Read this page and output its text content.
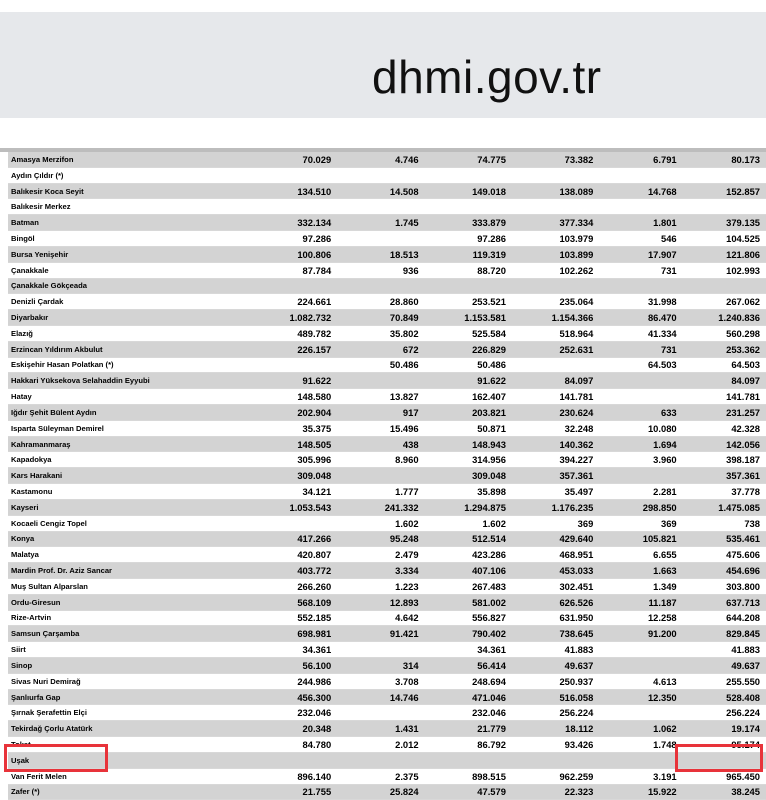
dhmi.gov.tr
Amasya Merzifon	70.029	4.746	74.775	73.382	6.791	80.173
Aydın Çıldır (*)						
Balıkesir Koca Seyit	134.510	14.508	149.018	138.089	14.768	152.857
Balıkesir Merkez						
Batman	332.134	1.745	333.879	377.334	1.801	379.135
Bingöl	97.286		97.286	103.979	546	104.525
Bursa Yenişehir	100.806	18.513	119.319	103.899	17.907	121.806
Çanakkale	87.784	936	88.720	102.262	731	102.993
Çanakkale Gökçeada						
Denizli Çardak	224.661	28.860	253.521	235.064	31.998	267.062
Diyarbakır	1.082.732	70.849	1.153.581	1.154.366	86.470	1.240.836
Elazığ	489.782	35.802	525.584	518.964	41.334	560.298
Erzincan Yıldırım Akbulut	226.157	672	226.829	252.631	731	253.362
Eskişehir Hasan Polatkan (*)		50.486	50.486		64.503	64.503
Hakkari Yüksekova Selahaddin Eyyubi	91.622		91.622	84.097		84.097
Hatay	148.580	13.827	162.407	141.781		141.781
Iğdır Şehit Bülent Aydın	202.904	917	203.821	230.624	633	231.257
Isparta Süleyman Demirel	35.375	15.496	50.871	32.248	10.080	42.328
Kahramanmaraş	148.505	438	148.943	140.362	1.694	142.056
Kapadokya	305.996	8.960	314.956	394.227	3.960	398.187
Kars Harakani	309.048		309.048	357.361		357.361
Kastamonu	34.121	1.777	35.898	35.497	2.281	37.778
Kayseri	1.053.543	241.332	1.294.875	1.176.235	298.850	1.475.085
Kocaeli Cengiz Topel		1.602	1.602	369	369	738
Konya	417.266	95.248	512.514	429.640	105.821	535.461
Malatya	420.807	2.479	423.286	468.951	6.655	475.606
Mardin Prof. Dr. Aziz Sancar	403.772	3.334	407.106	453.033	1.663	454.696
Muş Sultan Alparslan	266.260	1.223	267.483	302.451	1.349	303.800
Ordu-Giresun	568.109	12.893	581.002	626.526	11.187	637.713
Rize-Artvin	552.185	4.642	556.827	631.950	12.258	644.208
Samsun Çarşamba	698.981	91.421	790.402	738.645	91.200	829.845
Siirt	34.361		34.361	41.883		41.883
Sinop	56.100	314	56.414	49.637		49.637
Sivas Nuri Demirağ	244.986	3.708	248.694	250.937	4.613	255.550
Şanlıurfa Gap	456.300	14.746	471.046	516.058	12.350	528.408
Şırnak Şerafettin Elçi	232.046		232.046	256.224		256.224
Tekirdağ Çorlu Atatürk	20.348	1.431	21.779	18.112	1.062	19.174
Tokat	84.780	2.012	86.792	93.426	1.748	95.174
Uşak						
Van Ferit Melen	896.140	2.375	898.515	962.259	3.191	965.450
Zafer (*)	21.755	25.824	47.579	22.323	15.922	38.245
